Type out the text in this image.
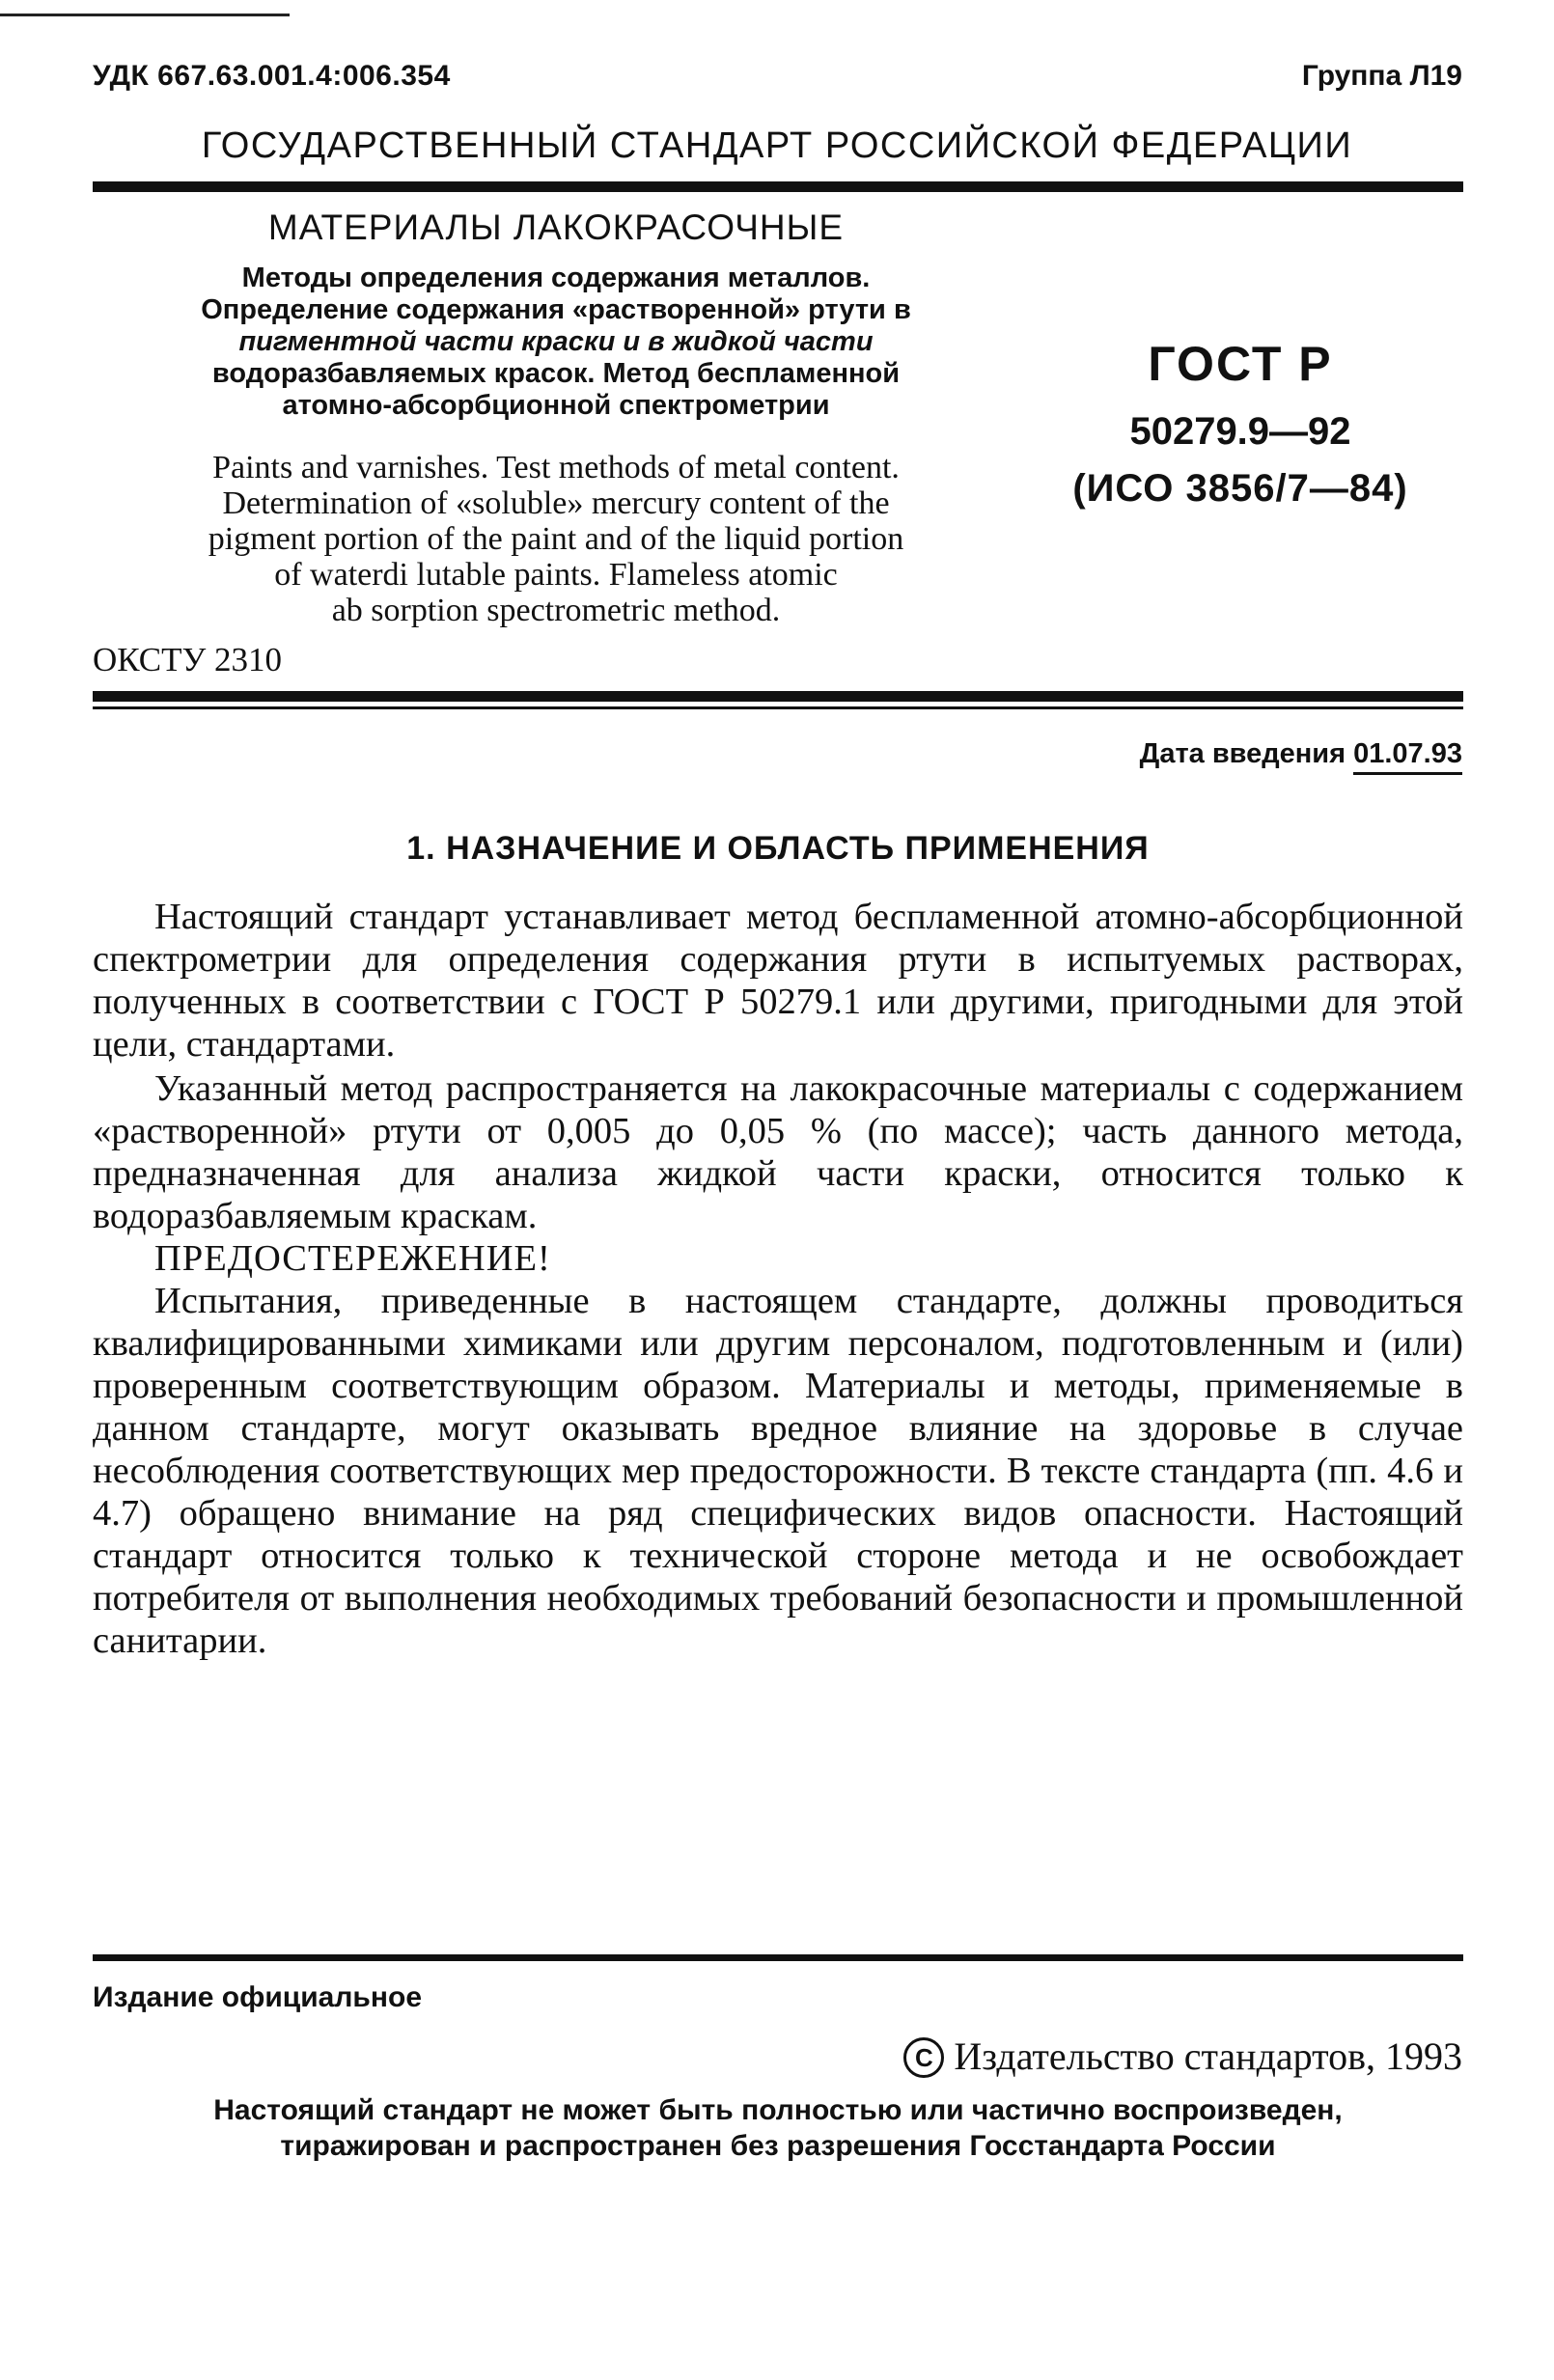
УДК 667.63.001.4:006.354	Группа Л19
ГОСУДАРСТВЕННЫЙ СТАНДАРТ РОССИЙСКОЙ ФЕДЕРАЦИИ
МАТЕРИАЛЫ ЛАКОКРАСОЧНЫЕ
Методы определения содержания металлов.
Определение содержания «растворенной» ртути в
пигментной части краски и в жидкой части
водоразбавляемых красок. Метод беспламенной
атомно-абсорбционной спектрометрии
Paints and varnishes. Test methods of metal content.
Determination of «soluble» mercury content of the
pigment portion of the paint and of the liquid portion
of waterdi lutable paints. Flameless atomic
ab sorption spectrometric method.
ОКСТУ 2310
ГОСТ Р
50279.9—92
(ИСО 3856/7—84)
Дата введения 01.07.93
1. НАЗНАЧЕНИЕ И ОБЛАСТЬ ПРИМЕНЕНИЯ

Настоящий стандарт устанавливает метод беспламенной атомно-абсорбционной спектрометрии для определения содержания ртути в испытуемых растворах, полученных в соответствии с ГОСТ Р 50279.1 или другими, пригодными для этой цели, стандартами.

Указанный метод распространяется на лакокрасочные материалы с содержанием «растворенной» ртути от 0,005 до 0,05 % (по массе); часть данного метода, предназначенная для анализа жидкой части краски, относится только к водоразбавляемым краскам.

ПРЕДОСТЕРЕЖЕНИЕ!

Испытания, приведенные в настоящем стандарте, должны проводиться квалифицированными химиками или другим персоналом, подготовленным и (или) проверенным соответствующим образом. Материалы и методы, применяемые в данном стандарте, могут оказывать вредное влияние на здоровье в случае несоблюдения соответствующих мер предосторожности. В тексте стандарта (пп. 4.6 и 4.7) обращено внимание на ряд специфических видов опасности. Настоящий стандарт относится только к технической стороне метода и не освобождает потребителя от выполнения необходимых требований безопасности и промышленной санитарии.

Издание официальное
C Издательство стандартов, 1993
Настоящий стандарт не может быть полностью или частично воспроизведен,
тиражирован и распространен без разрешения Госстандарта России
